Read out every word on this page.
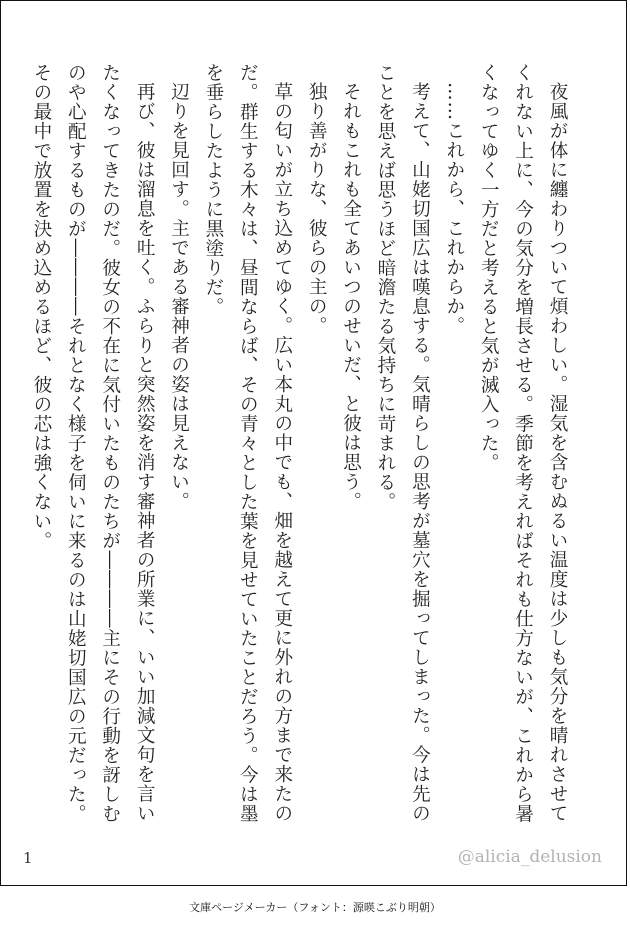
夜風が体に纏わりついて煩わしい。湿気を含むぬるい温度は少しも気分を晴れさせてくれない上に、今の気分を増長させる。季節を考えればそれも仕方ないが、これから暑くなってゆく一方だと考えると気が滅入った。

……これから、これからか。

考えて、山姥切国広は嘆息する。気晴らしの思考が墓穴を掘ってしまった。今は先のことを思えば思うほど暗澹たる気持ちに苛まれる。

それもこれも全てあいつのせいだ、と彼は思う。

独り善がりな、彼らの主の。

草の匂いが立ち込めてゆく。広い本丸の中でも、畑を越えて更に外れの方まで来たのだ。群生する木々は、昼間ならば、その青々とした葉を見せていたことだろう。今は墨を垂らしたように黒塗りだ。

辺りを見回す。主である審神者の姿は見えない。

再び、彼は溜息を吐く。ふらりと突然姿を消す審神者の所業に、いい加減文句を言いたくなってきたのだ。彼女の不在に気付いたものたちが――――主にその行動を訝しむのや心配するものが――――それとなく様子を伺いに来るのは山姥切国広の元だった。その最中で放置を決め込めるほど、彼の芯は強くない。

1	@alicia_delusion
文庫ページメーカー（フォント：源暎こぶり明朝）
